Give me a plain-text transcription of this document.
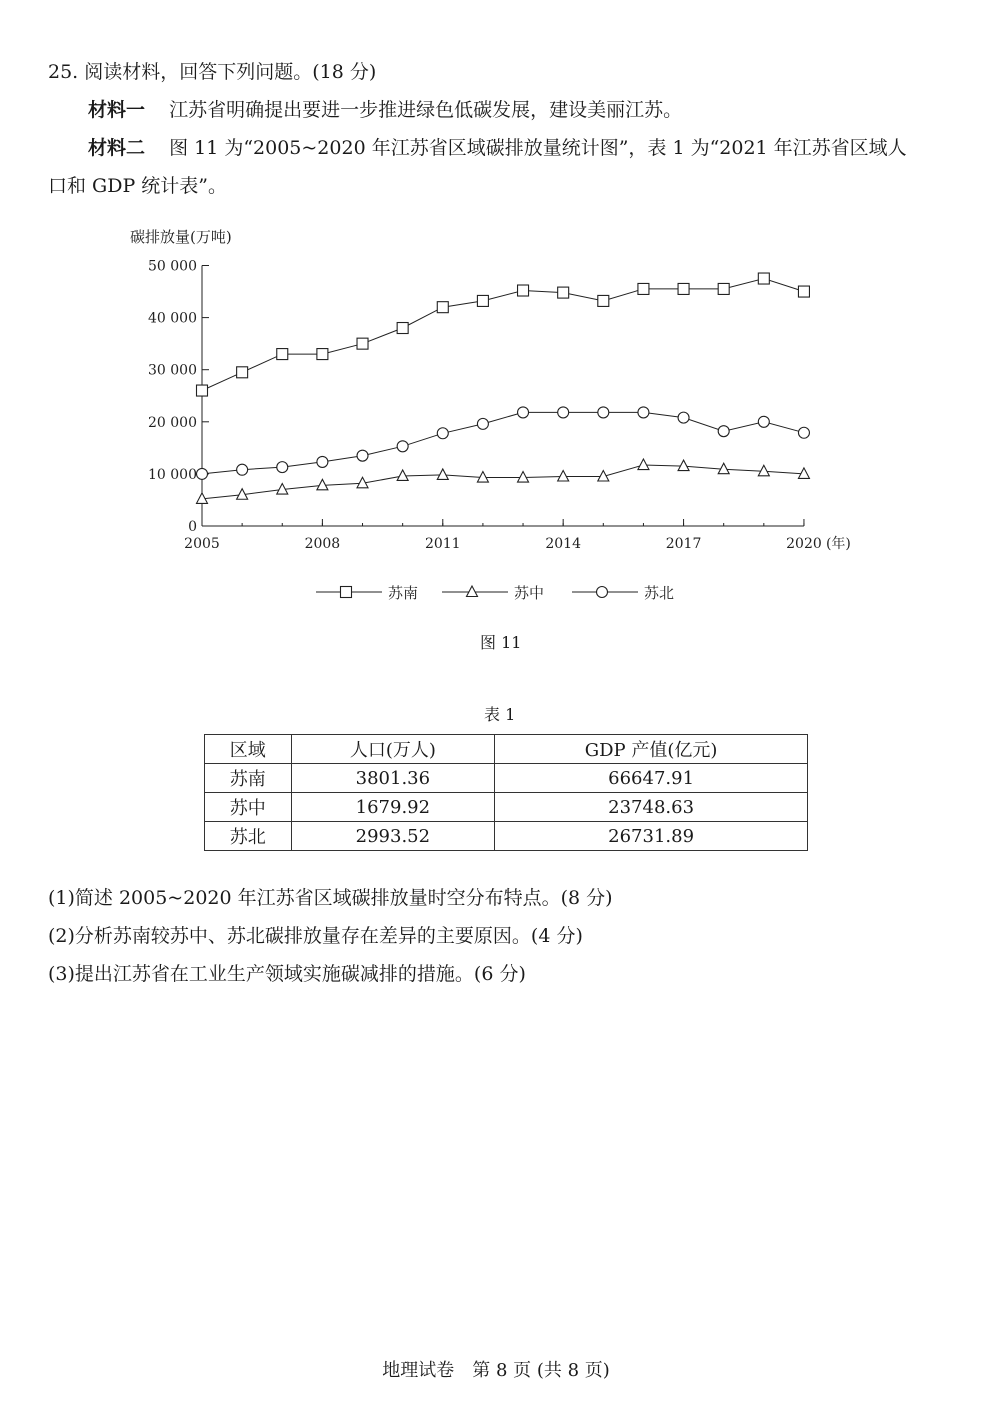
25. 阅读材料，回答下列问题。(18 分)
材料一 江苏省明确提出要进一步推进绿色低碳发展，建设美丽江苏。
材料二 图 11 为“2005~2020 年江苏省区域碳排放量统计图”，表 1 为“2021 年江苏省区域人
口和 GDP 统计表”。
碳排放量(万吨)
0
10 000
20 000
30 000
40 000
50 000
2005	2008	2011	2014	2017	2020 (年)
苏南	苏中	苏北
图 11
表 1
区域	人口(万人)	GDP 产值(亿元)
苏南	3801.36	66647.91
苏中	1679.92	23748.63
苏北	2993.52	26731.89
(1)简述 2005~2020 年江苏省区域碳排放量时空分布特点。(8 分)
(2)分析苏南较苏中、苏北碳排放量存在差异的主要原因。(4 分)
(3)提出江苏省在工业生产领域实施碳减排的措施。(6 分)
地理试卷　第 8 页 (共 8 页)
